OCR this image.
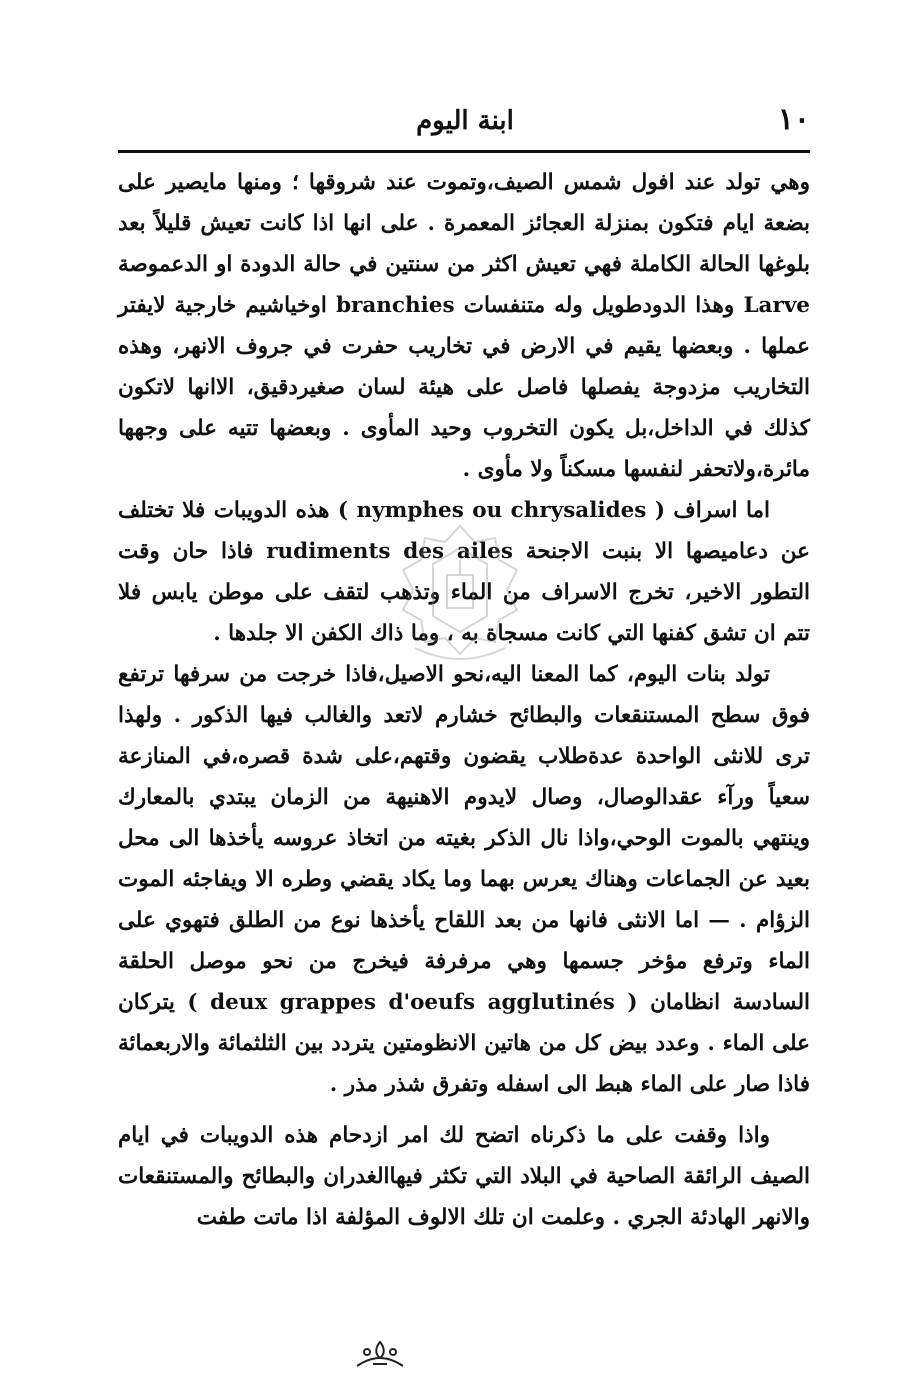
١٠
ابنة اليوم

وهي تولد عند افول شمس الصيف،وتموت عند شروقها ؛ ومنها مايصير على بضعة ايام فتكون بمنزلة العجائز المعمرة . على انها اذا كانت تعيش قليلاً بعد بلوغها الحالة الكاملة فهي تعيش اكثر من سنتين في حالة الدودة او الدعموصة Larve وهذا الدودطويل وله متنفسات branchies اوخياشيم خارجية لايفتر عملها . وبعضها يقيم في الارض في تخاريب حفرت في جروف الانهر، وهذه التخاريب مزدوجة يفصلها فاصل على هيئة لسان صغيردقيق، الاانها لاتكون كذلك في الداخل،بل يكون التخروب وحيد المأوى . وبعضها تتيه على وجهها مائرة،ولاتحفر لنفسها مسكناً ولا مأوى .

اما اسراف ( nymphes ou chrysalides ) هذه الدويبات فلا تختلف عن دعاميصها الا بنبت الاجنحة rudiments des ailes فاذا حان وقت التطور الاخير، تخرج الاسراف من الماء وتذهب لتقف على موطن يابس فلا تتم ان تشق كفنها التي كانت مسجاة به ، وما ذاك الكفن الا جلدها .

تولد بنات اليوم، كما المعنا اليه،نحو الاصيل،فاذا خرجت من سرفها ترتفع فوق سطح المستنقعات والبطائح خشارم لاتعد والغالب فيها الذكور . ولهذا ترى للانثى الواحدة عدةطلاب يقضون وقتهم،على شدة قصره،في المنازعة سعياً ورآء عقدالوصال، وصال لايدوم الاهنيهة من الزمان يبتدي بالمعارك وينتهي بالموت الوحي،واذا نال الذكر بغيته من اتخاذ عروسه يأخذها الى محل بعيد عن الجماعات وهناك يعرس بهما وما يكاد يقضي وطره الا ويفاجئه الموت الزؤام . — اما الانثى فانها من بعد اللقاح يأخذها نوع من الطلق فتهوي على الماء وترفع مؤخر جسمها وهي مرفرفة فيخرج من نحو موصل الحلقة السادسة انظامان ( deux grappes d'oeufs agglutinés ) يتركان على الماء . وعدد بيض كل من هاتين الانظومتين يتردد بين الثلثمائة والاربعمائة فاذا صار على الماء هبط الى اسفله وتفرق شذر مذر .

واذا وقفت على ما ذكرناه اتضح لك امر ازدحام هذه الدويبات في ايام الصيف الرائقة الصاحية في البلاد التي تكثر فيهاالغدران والبطائح والمستنقعات والانهر الهادئة الجري . وعلمت ان تلك الالوف المؤلفة اذا ماتت طفت
